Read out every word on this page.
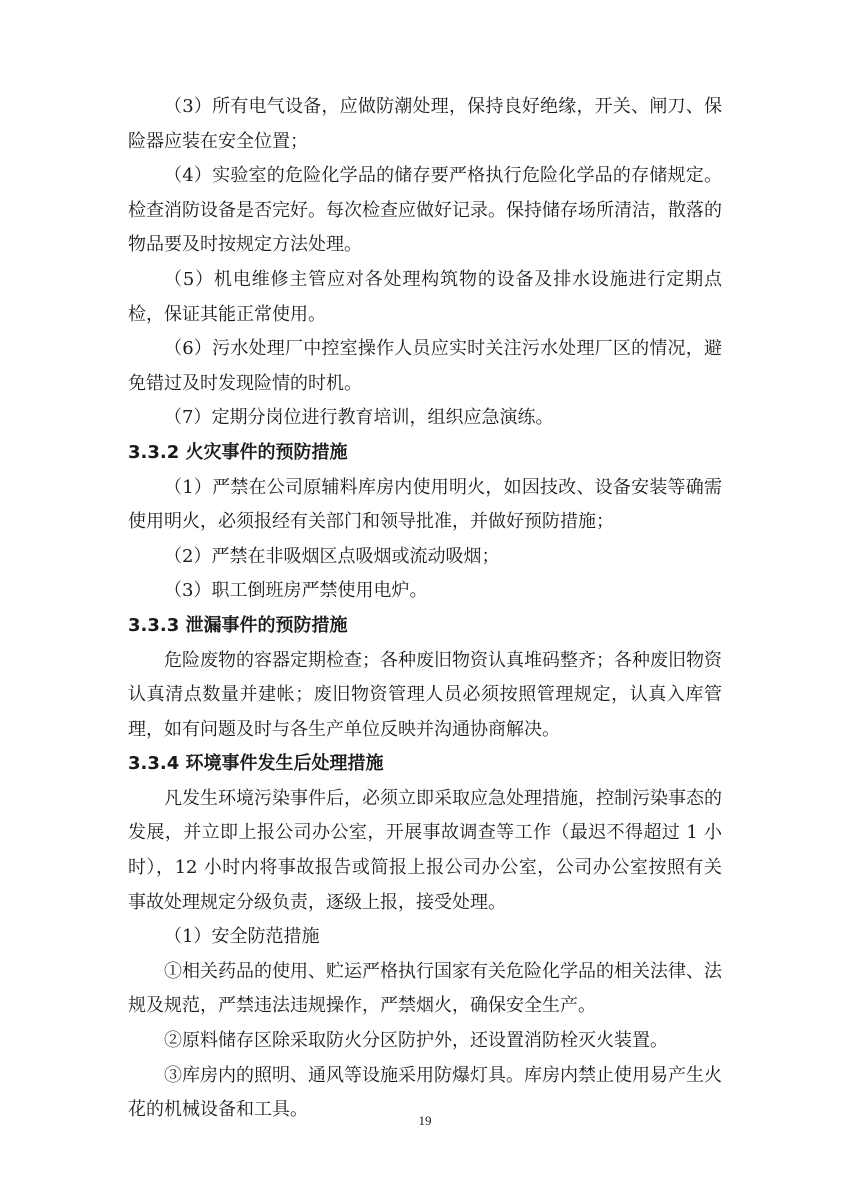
（3）所有电气设备，应做防潮处理，保持良好绝缘，开关、闸刀、保险器应装在安全位置；

（4）实验室的危险化学品的储存要严格执行危险化学品的存储规定。检查消防设备是否完好。每次检查应做好记录。保持储存场所清洁，散落的物品要及时按规定方法处理。

（5）机电维修主管应对各处理构筑物的设备及排水设施进行定期点检，保证其能正常使用。

（6）污水处理厂中控室操作人员应实时关注污水处理厂区的情况，避免错过及时发现险情的时机。

（7）定期分岗位进行教育培训，组织应急演练。

3.3.2 火灾事件的预防措施

（1）严禁在公司原辅料库房内使用明火，如因技改、设备安装等确需使用明火，必须报经有关部门和领导批准，并做好预防措施；

（2）严禁在非吸烟区点吸烟或流动吸烟；

（3）职工倒班房严禁使用电炉。

3.3.3 泄漏事件的预防措施

危险废物的容器定期检查；各种废旧物资认真堆码整齐；各种废旧物资认真清点数量并建帐；废旧物资管理人员必须按照管理规定，认真入库管理，如有问题及时与各生产单位反映并沟通协商解决。

3.3.4 环境事件发生后处理措施

凡发生环境污染事件后，必须立即采取应急处理措施，控制污染事态的发展，并立即上报公司办公室，开展事故调查等工作（最迟不得超过 1 小时），12 小时内将事故报告或简报上报公司办公室，公司办公室按照有关事故处理规定分级负责，逐级上报，接受处理。

（1）安全防范措施

①相关药品的使用、贮运严格执行国家有关危险化学品的相关法律、法规及规范，严禁违法违规操作，严禁烟火，确保安全生产。

②原料储存区除采取防火分区防护外，还设置消防栓灭火装置。

③库房内的照明、通风等设施采用防爆灯具。库房内禁止使用易产生火花的机械设备和工具。

19
